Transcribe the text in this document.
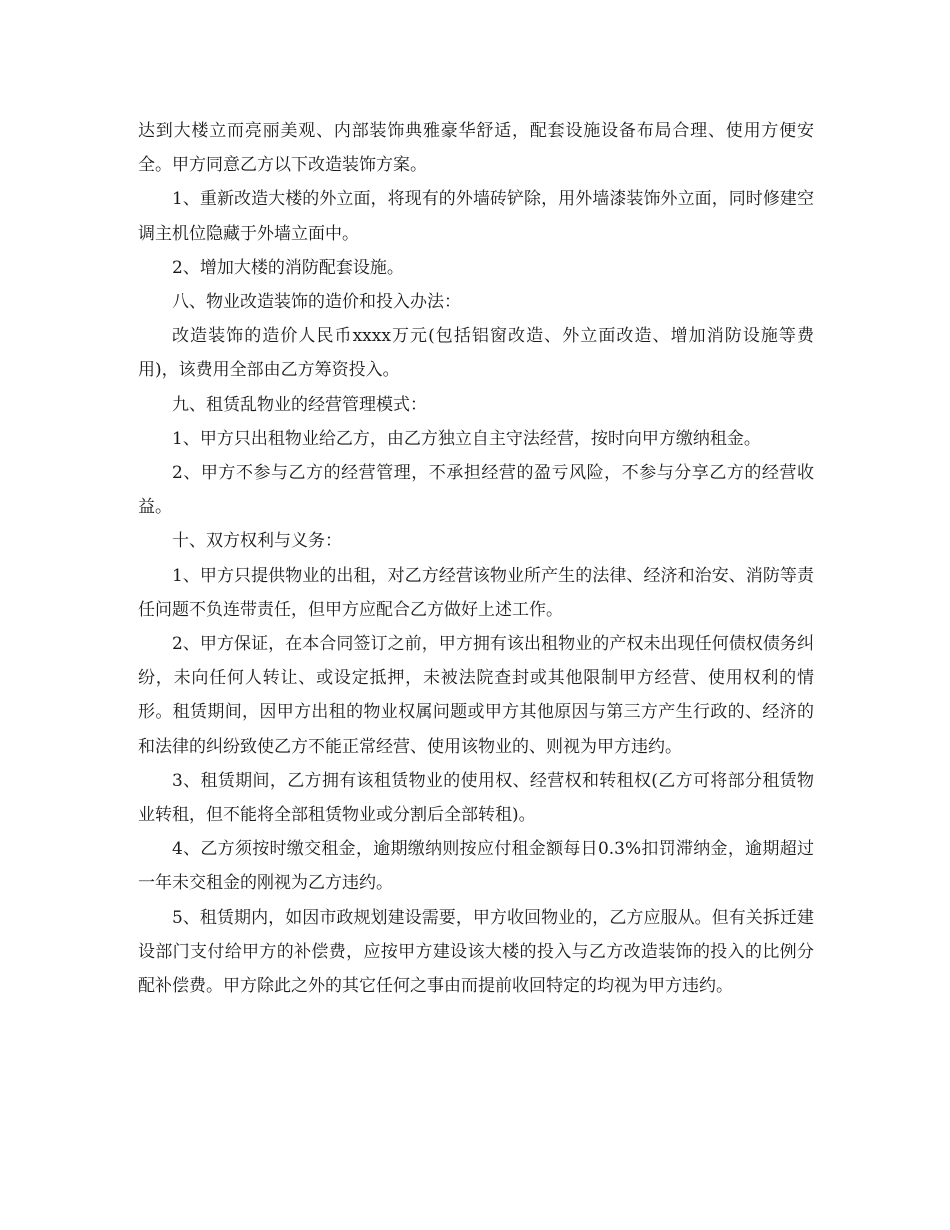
达到大楼立而亮丽美观、内部装饰典雅豪华舒适，配套设施设备布局合理、使用方便安全。甲方同意乙方以下改造装饰方案。

1、重新改造大楼的外立面，将现有的外墙砖铲除，用外墙漆装饰外立面，同时修建空调主机位隐藏于外墙立面中。

2、增加大楼的消防配套设施。

八、物业改造装饰的造价和投入办法：

改造装饰的造价人民币xxxx万元(包括铝窗改造、外立面改造、增加消防设施等费用)，该费用全部由乙方筹资投入。

九、租赁乱物业的经营管理模式：

1、甲方只出租物业给乙方，由乙方独立自主守法经营，按时向甲方缴纳租金。

2、甲方不参与乙方的经营管理，不承担经营的盈亏风险，不参与分享乙方的经营收益。

十、双方权利与义务：

1、甲方只提供物业的出租，对乙方经营该物业所产生的法律、经济和治安、消防等责任问题不负连带责任，但甲方应配合乙方做好上述工作。

2、甲方保证，在本合同签订之前，甲方拥有该出租物业的产权未出现任何债权债务纠纷，未向任何人转让、或设定抵押，未被法院查封或其他限制甲方经营、使用权利的情形。租赁期间，因甲方出租的物业权属问题或甲方其他原因与第三方产生行政的、经济的和法律的纠纷致使乙方不能正常经营、使用该物业的、则视为甲方违约。

3、租赁期间，乙方拥有该租赁物业的使用权、经营权和转租权(乙方可将部分租赁物业转租，但不能将全部租赁物业或分割后全部转租)。

4、乙方须按时缴交租金，逾期缴纳则按应付租金额每日0.3%扣罚滞纳金，逾期超过一年未交租金的刚视为乙方违约。

5、租赁期内，如因市政规划建设需要，甲方收回物业的，乙方应服从。但有关拆迁建设部门支付给甲方的补偿费，应按甲方建设该大楼的投入与乙方改造装饰的投入的比例分配补偿费。甲方除此之外的其它任何之事由而提前收回特定的均视为甲方违约。
